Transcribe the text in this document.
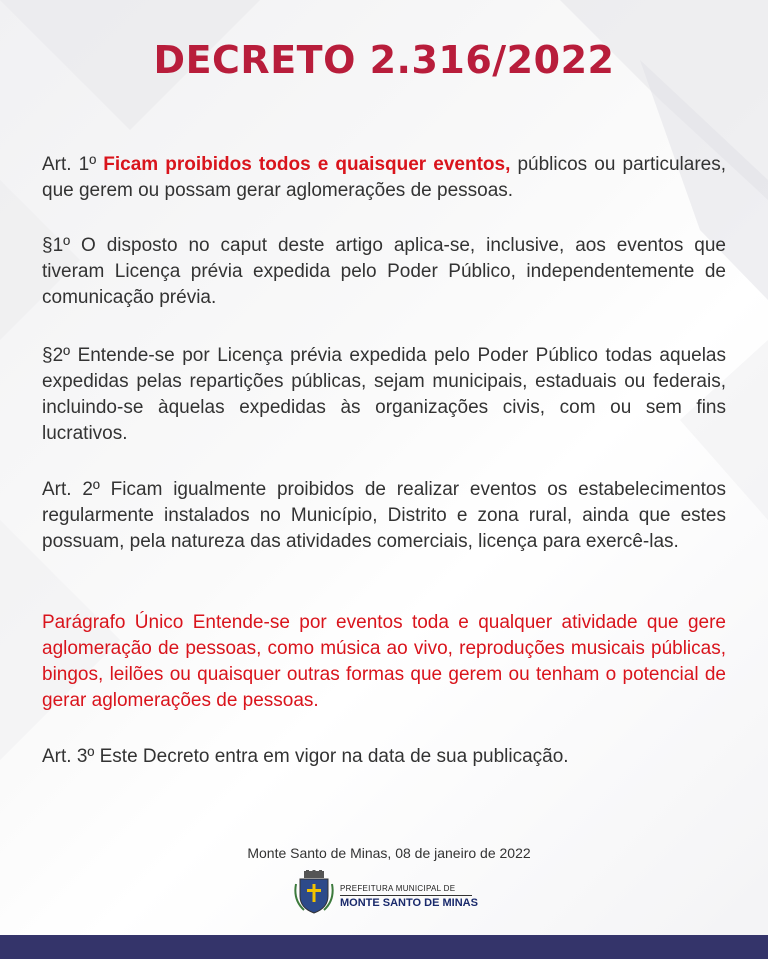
DECRETO 2.316/2022
Art. 1º Ficam proibidos todos e quaisquer eventos, públicos ou particulares, que gerem ou possam gerar aglomerações de pessoas.
§1º O disposto no caput deste artigo aplica-se, inclusive, aos eventos que tiveram Licença prévia expedida pelo Poder Público, independentemente de comunicação prévia.
§2º Entende-se por Licença prévia expedida pelo Poder Público todas aquelas expedidas pelas repartições públicas, sejam municipais, estaduais ou federais, incluindo-se àquelas expedidas às organizações civis, com ou sem fins lucrativos.
Art. 2º Ficam igualmente proibidos de realizar eventos os estabelecimentos regularmente instalados no Município, Distrito e zona rural, ainda que estes possuam, pela natureza das atividades comerciais, licença para exercê-las.
Parágrafo Único Entende-se por eventos toda e qualquer atividade que gere aglomeração de pessoas, como música ao vivo, reproduções musicais públicas, bingos, leilões ou quaisquer outras formas que gerem ou tenham o potencial de gerar aglomerações de pessoas.
Art. 3º Este Decreto entra em vigor na data de sua publicação.
Monte Santo de Minas, 08 de janeiro de 2022
PREFEITURA MUNICIPAL DE
MONTE SANTO DE MINAS
